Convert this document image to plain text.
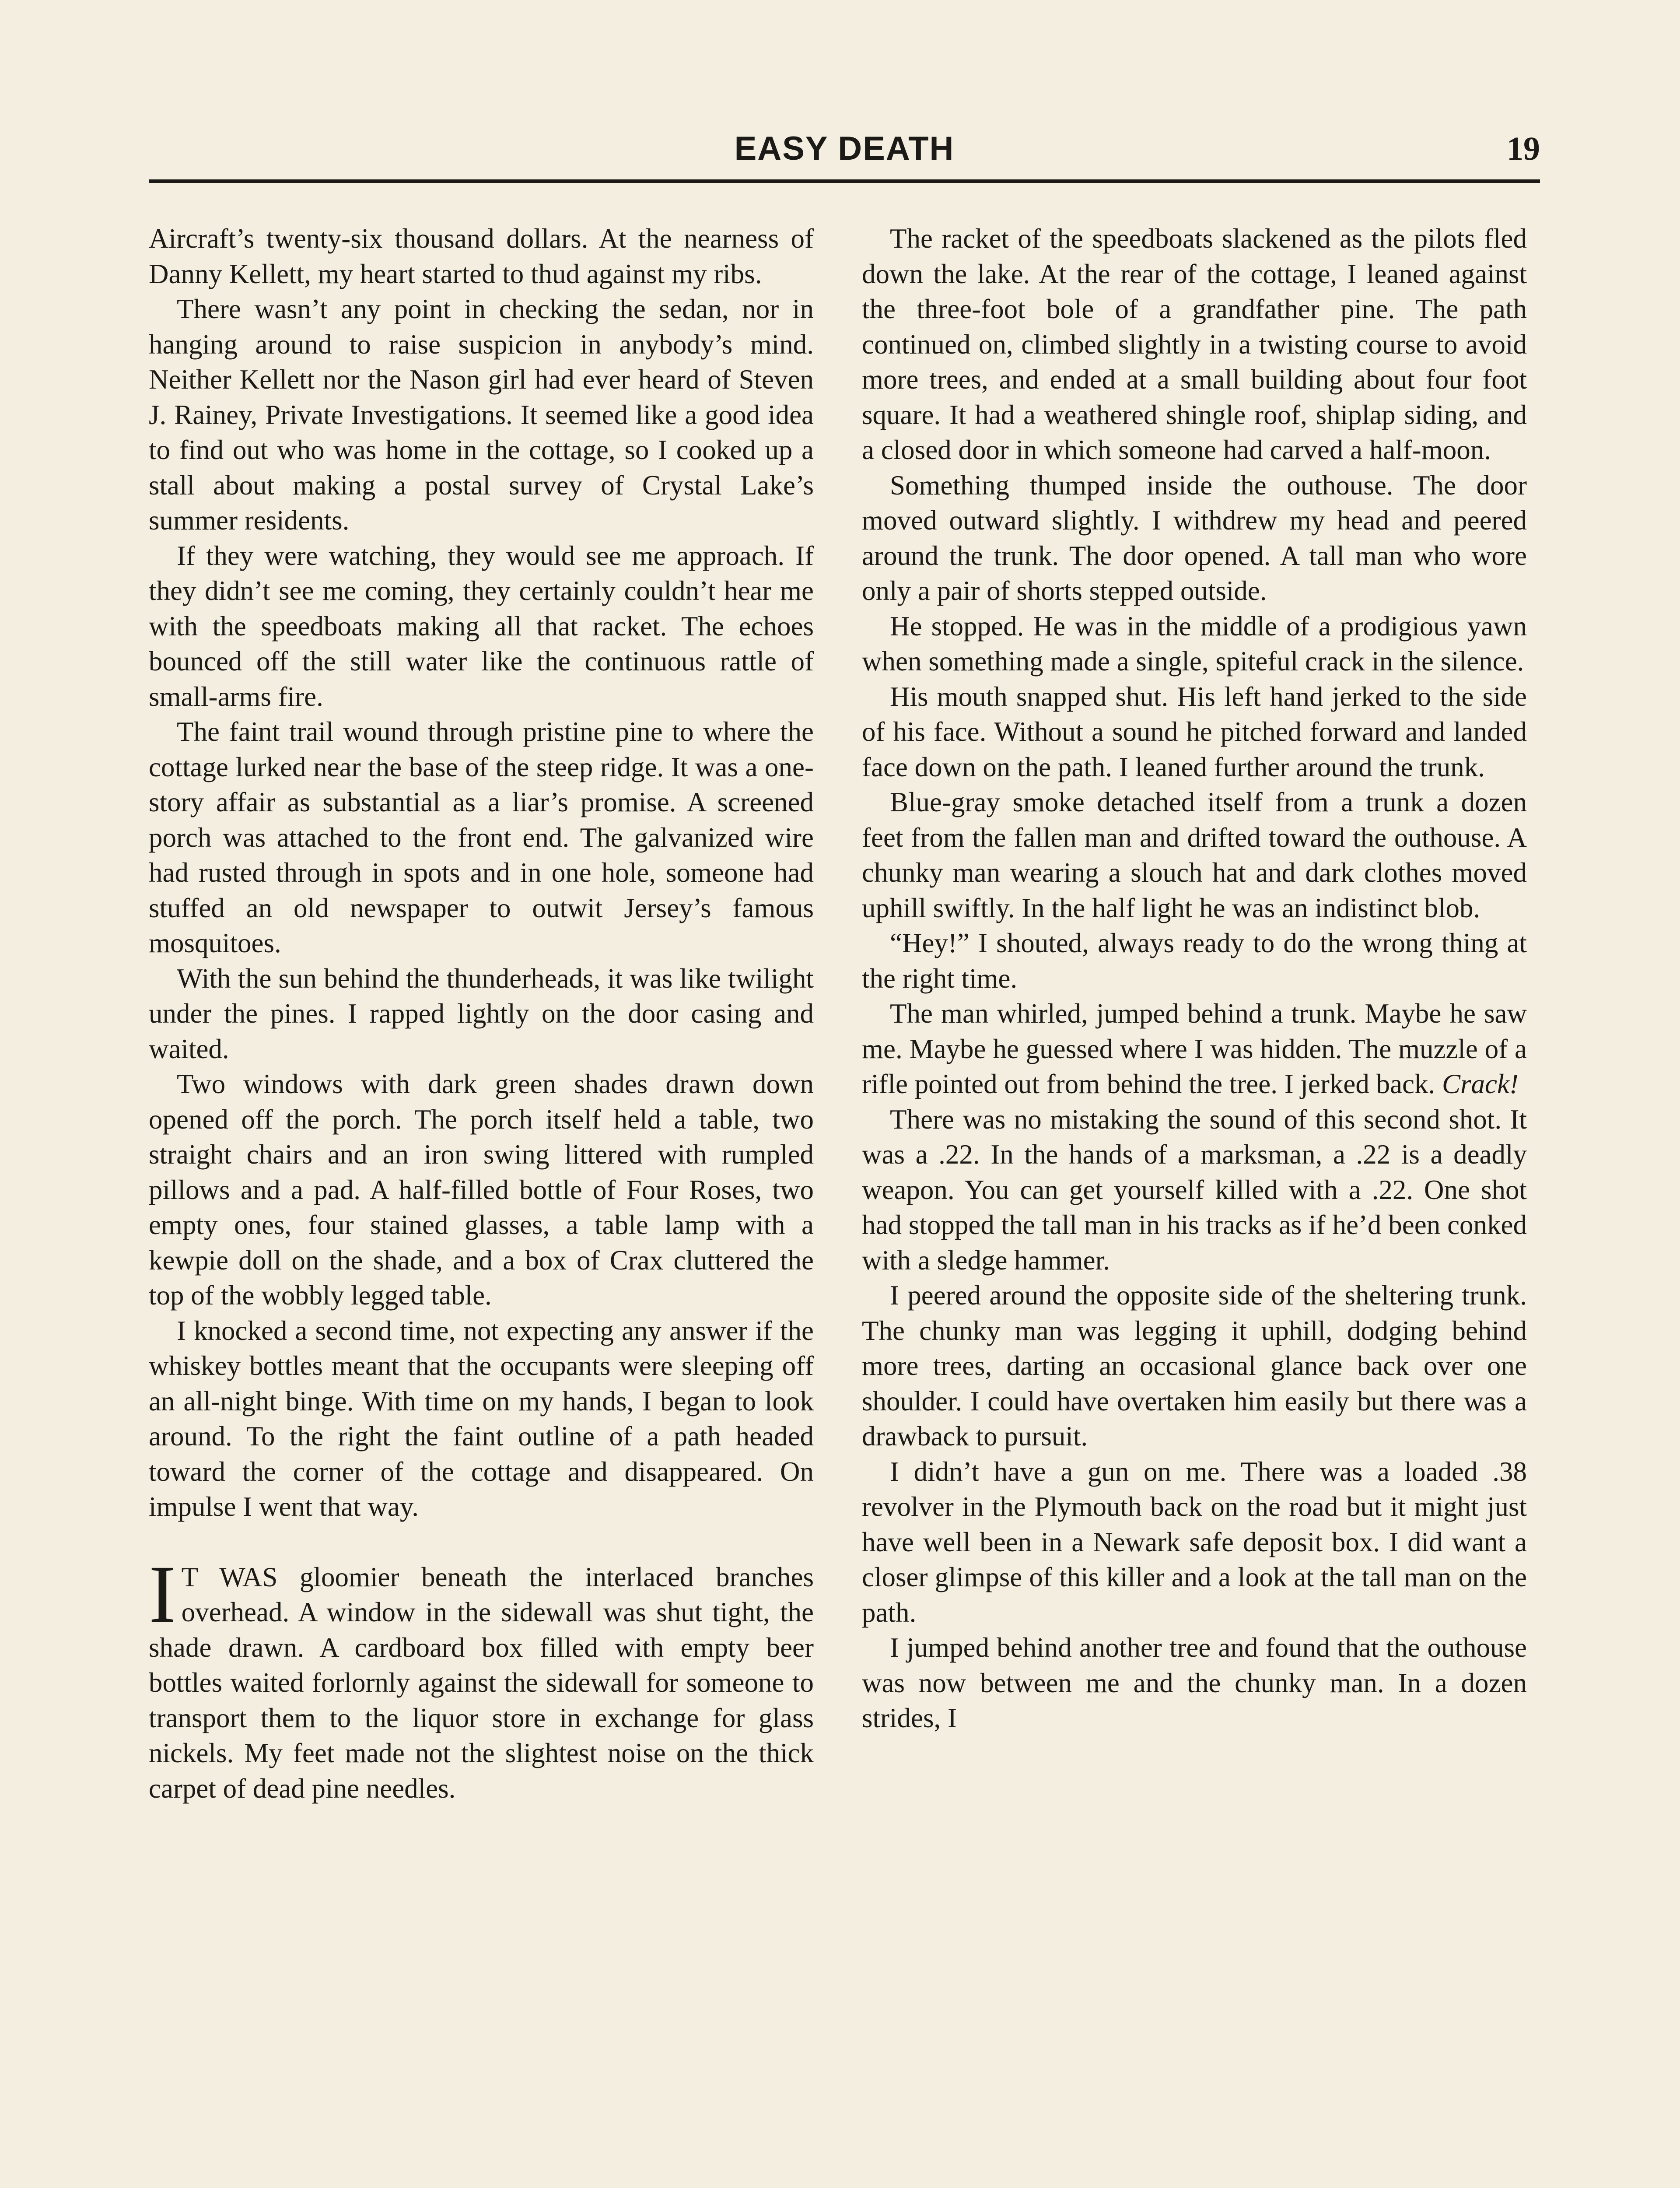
EASY DEATH	19

Aircraft’s twenty-six thousand dollars. At the nearness of Danny Kellett, my heart started to thud against my ribs.

There wasn’t any point in checking the sedan, nor in hanging around to raise suspicion in anybody’s mind. Neither Kellett nor the Nason girl had ever heard of Steven J. Rainey, Private Investigations. It seemed like a good idea to find out who was home in the cottage, so I cooked up a stall about making a postal survey of Crystal Lake’s summer residents.

If they were watching, they would see me approach. If they didn’t see me coming, they certainly couldn’t hear me with the speedboats making all that racket. The echoes bounced off the still water like the continuous rattle of small-arms fire.

The faint trail wound through pristine pine to where the cottage lurked near the base of the steep ridge. It was a one-story affair as substantial as a liar’s promise. A screened porch was attached to the front end. The galvanized wire had rusted through in spots and in one hole, someone had stuffed an old newspaper to outwit Jersey’s famous mosquitoes.

With the sun behind the thunderheads, it was like twilight under the pines. I rapped lightly on the door casing and waited.

Two windows with dark green shades drawn down opened off the porch. The porch itself held a table, two straight chairs and an iron swing littered with rumpled pillows and a pad. A half-filled bottle of Four Roses, two empty ones, four stained glasses, a table lamp with a kewpie doll on the shade, and a box of Crax cluttered the top of the wobbly legged table.

I knocked a second time, not expecting any answer if the whiskey bottles meant that the occupants were sleeping off an all-night binge. With time on my hands, I began to look around. To the right the faint outline of a path headed toward the corner of the cottage and disappeared. On impulse I went that way.

I T WAS gloomier beneath the interlaced branches overhead. A window in the sidewall was shut tight, the shade drawn. A cardboard box filled with empty beer bottles waited forlornly against the sidewall for someone to transport them to the liquor store in exchange for glass nickels. My feet made not the slightest noise on the thick carpet of dead pine needles.

The racket of the speedboats slackened as the pilots fled down the lake. At the rear of the cottage, I leaned against the three-foot bole of a grandfather pine. The path continued on, climbed slightly in a twisting course to avoid more trees, and ended at a small building about four foot square. It had a weathered shingle roof, shiplap siding, and a closed door in which someone had carved a half-moon.

Something thumped inside the outhouse. The door moved outward slightly. I withdrew my head and peered around the trunk. The door opened. A tall man who wore only a pair of shorts stepped outside.

He stopped. He was in the middle of a prodigious yawn when something made a single, spiteful crack in the silence.

His mouth snapped shut. His left hand jerked to the side of his face. Without a sound he pitched forward and landed face down on the path. I leaned further around the trunk.

Blue-gray smoke detached itself from a trunk a dozen feet from the fallen man and drifted toward the outhouse. A chunky man wearing a slouch hat and dark clothes moved uphill swiftly. In the half light he was an indistinct blob.

“Hey!” I shouted, always ready to do the wrong thing at the right time.

The man whirled, jumped behind a trunk. Maybe he saw me. Maybe he guessed where I was hidden. The muzzle of a rifle pointed out from behind the tree. I jerked back. Crack!

There was no mistaking the sound of this second shot. It was a .22. In the hands of a marksman, a .22 is a deadly weapon. You can get yourself killed with a .22. One shot had stopped the tall man in his tracks as if he’d been conked with a sledge hammer.

I peered around the opposite side of the sheltering trunk. The chunky man was legging it uphill, dodging behind more trees, darting an occasional glance back over one shoulder. I could have overtaken him easily but there was a drawback to pursuit.

I didn’t have a gun on me. There was a loaded .38 revolver in the Plymouth back on the road but it might just have well been in a Newark safe deposit box. I did want a closer glimpse of this killer and a look at the tall man on the path.

I jumped behind another tree and found that the outhouse was now between me and the chunky man. In a dozen strides, I
